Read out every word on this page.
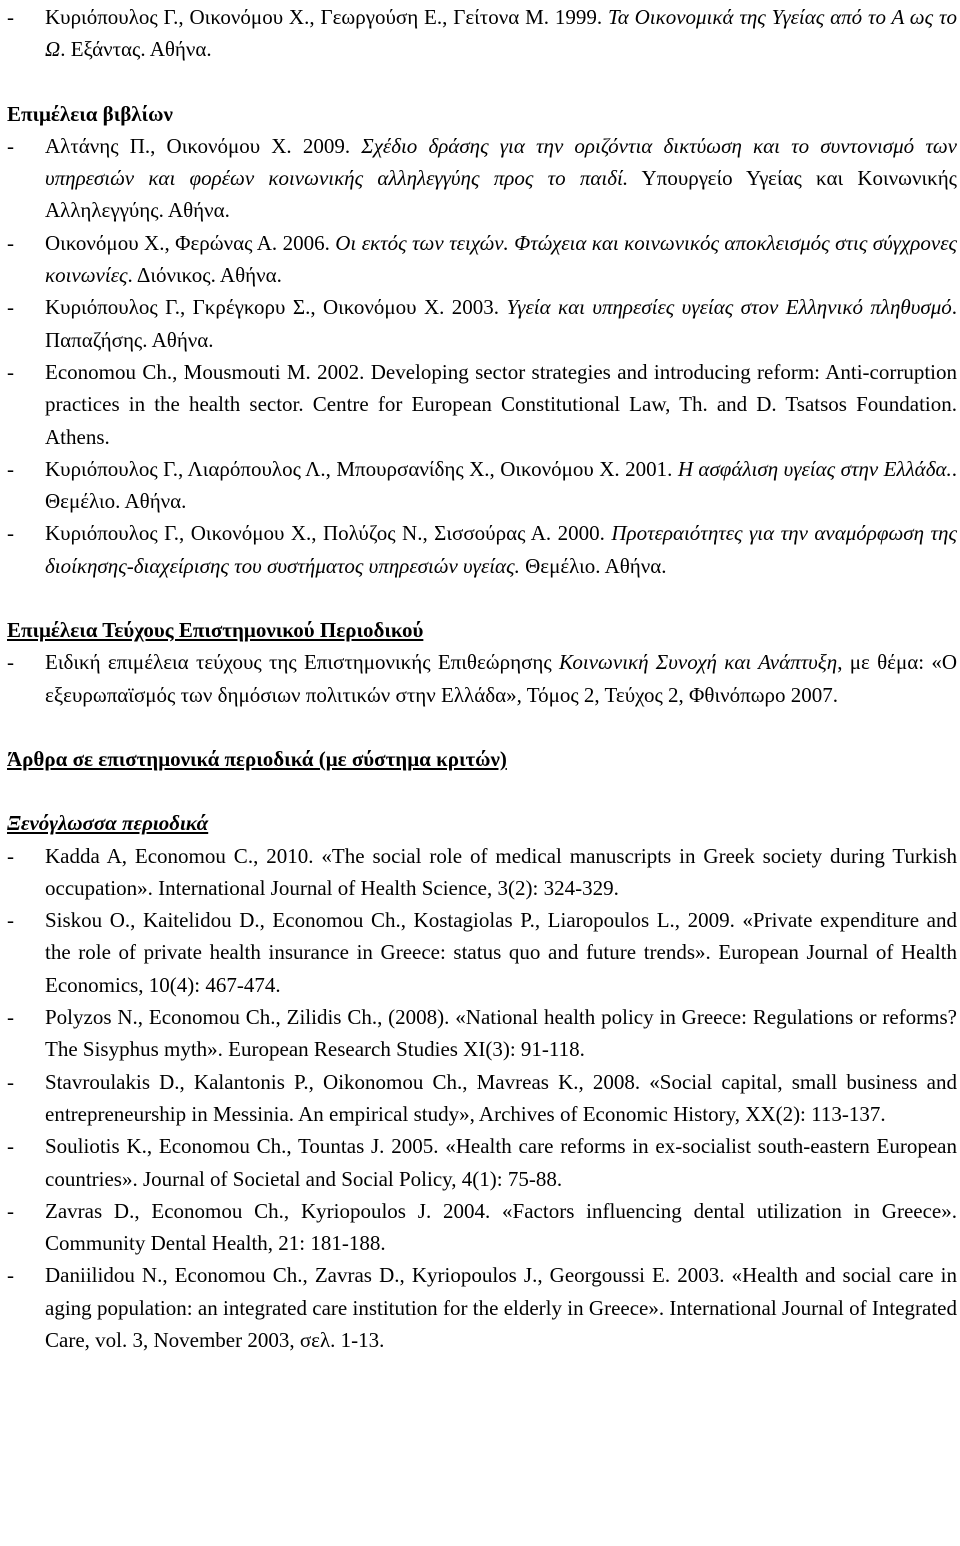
- Κυριόπουλος Γ., Οικονόμου Χ., Γεωργούση Ε., Γείτονα Μ. 1999. Τα Οικονομικά της Υγείας από το Α ως το Ω. Εξάντας. Αθήνα.
Επιμέλεια βιβλίων
- Αλτάνης Π., Οικονόμου Χ. 2009. Σχέδιο δράσης για την οριζόντια δικτύωση και το συντονισμό των υπηρεσιών και φορέων κοινωνικής αλληλεγγύης προς το παιδί. Υπουργείο Υγείας και Κοινωνικής Αλληλεγγύης. Αθήνα.
- Οικονόμου Χ., Φερώνας Α. 2006. Οι εκτός των τειχών. Φτώχεια και κοινωνικός αποκλεισμός στις σύγχρονες κοινωνίες. Διόνικος. Αθήνα.
- Κυριόπουλος Γ., Γκρέγκορυ Σ., Οικονόμου Χ. 2003. Υγεία και υπηρεσίες υγείας στον Ελληνικό πληθυσμό. Παπαζήσης. Αθήνα.
- Economou Ch., Mousmouti M. 2002. Developing sector strategies and introducing reform: Anti-corruption practices in the health sector. Centre for European Constitutional Law, Th. and D. Tsatsos Foundation. Athens.
- Κυριόπουλος Γ., Λιαρόπουλος Λ., Μπουρσανίδης Χ., Οικονόμου Χ. 2001. Η ασφάλιση υγείας στην Ελλάδα.. Θεμέλιο. Αθήνα.
- Κυριόπουλος Γ., Οικονόμου Χ., Πολύζος Ν., Σισσούρας Α. 2000. Προτεραιότητες για την αναμόρφωση της διοίκησης-διαχείρισης του συστήματος υπηρεσιών υγείας. Θεμέλιο. Αθήνα.
Επιμέλεια Τεύχους Επιστημονικού Περιοδικού
- Ειδική επιμέλεια τεύχους της Επιστημονικής Επιθεώρησης Κοινωνική Συνοχή και Ανάπτυξη, με θέμα: «Ο εξευρωπαϊσμός των δημόσιων πολιτικών στην Ελλάδα», Τόμος 2, Τεύχος 2, Φθινόπωρο 2007.
Άρθρα σε επιστημονικά περιοδικά (με σύστημα κριτών)
Ξενόγλωσσα περιοδικά
- Kadda A, Economou C., 2010. «The social role of medical manuscripts in Greek society during Turkish occupation». International Journal of Health Science, 3(2): 324-329.
- Siskou O., Kaitelidou D., Economou Ch., Kostagiolas P., Liaropoulos L., 2009. «Private expenditure and the role of private health insurance in Greece: status quo and future trends». European Journal of Health Economics, 10(4): 467-474.
- Polyzos N., Economou Ch., Zilidis Ch., (2008). «National health policy in Greece: Regulations or reforms? The Sisyphus myth». European Research Studies XI(3): 91-118.
- Stavroulakis D., Kalantonis P., Oikonomou Ch., Mavreas K., 2008. «Social capital, small business and entrepreneurship in Messinia. An empirical study», Archives of Economic History, XX(2): 113-137.
- Souliotis K., Economou Ch., Tountas J. 2005. «Health care reforms in ex-socialist south-eastern European countries». Journal of Societal and Social Policy, 4(1): 75-88.
- Zavras D., Economou Ch., Kyriopoulos J. 2004. «Factors influencing dental utilization in Greece». Community Dental Health, 21: 181-188.
- Daniilidou N., Economou Ch., Zavras D., Kyriopoulos J., Georgoussi E. 2003. «Health and social care in aging population: an integrated care institution for the elderly in Greece». International Journal of Integrated Care, vol. 3, November 2003, σελ. 1-13.
